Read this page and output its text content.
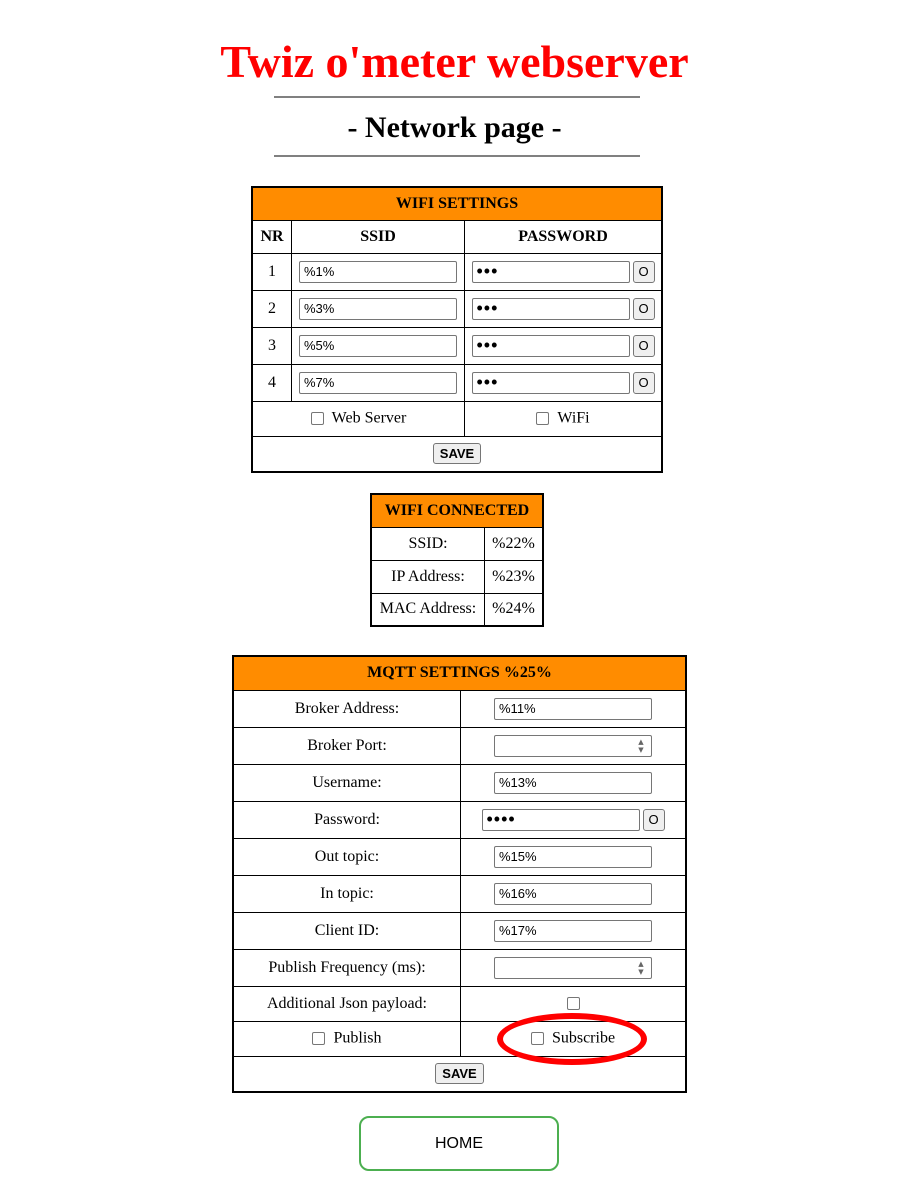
Twiz o'meter webserver
- Network page -
WIFI SETTINGS		
NR	SSID	PASSWORD
1	%1%	•••O
2	%3%	•••O
3	%5%	•••O
4	%7%	•••O
Web Server		WiFi
SAVE		
WIFI CONNECTED	
SSID:	%22%
IP Address:	%23%
MAC Address:	%24%
MQTT SETTINGS %25%	
Broker Address:	%11%
Broker Port:	▲
▼

Username:	%13%
Password:	••••O
Out topic:	%15%
In topic:	%16%
Client ID:	%17%
Publish Frequency (ms):	▲
▼

Additional Json payload:	
Publish	Subscribe
SAVE	
HOME
